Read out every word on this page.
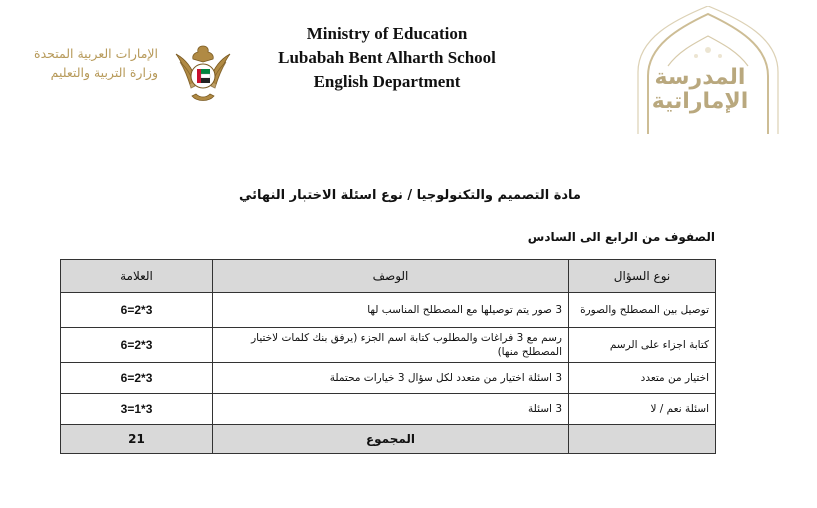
الإمارات العربية المتحدة
وزارة التربية والتعليم
Ministry of Education
Lubabah Bent Alharth School
English Department	المدرسة
الإماراتية
مادة التصميم والتكنولوجيا / نوع اسئلة الاختبار النهائي
الصفوف من الرابع الى السادس
نوع السؤال	الوصف	العلامة
توصيل بين المصطلح والصورة	3 صور يتم توصيلها مع المصطلح المناسب لها	3*2=6
كتابة اجزاء على الرسم	رسم مع 3 فراغات والمطلوب كتابة اسم الجزء (يرفق بنك كلمات لاختيار المصطلح منها)	3*2=6
اختيار من متعدد	3 اسئلة اختيار من متعدد لكل سؤال 3 خيارات محتملة	3*2=6
اسئلة نعم / لا	3 اسئلة	3*1=3
	المجموع	21
